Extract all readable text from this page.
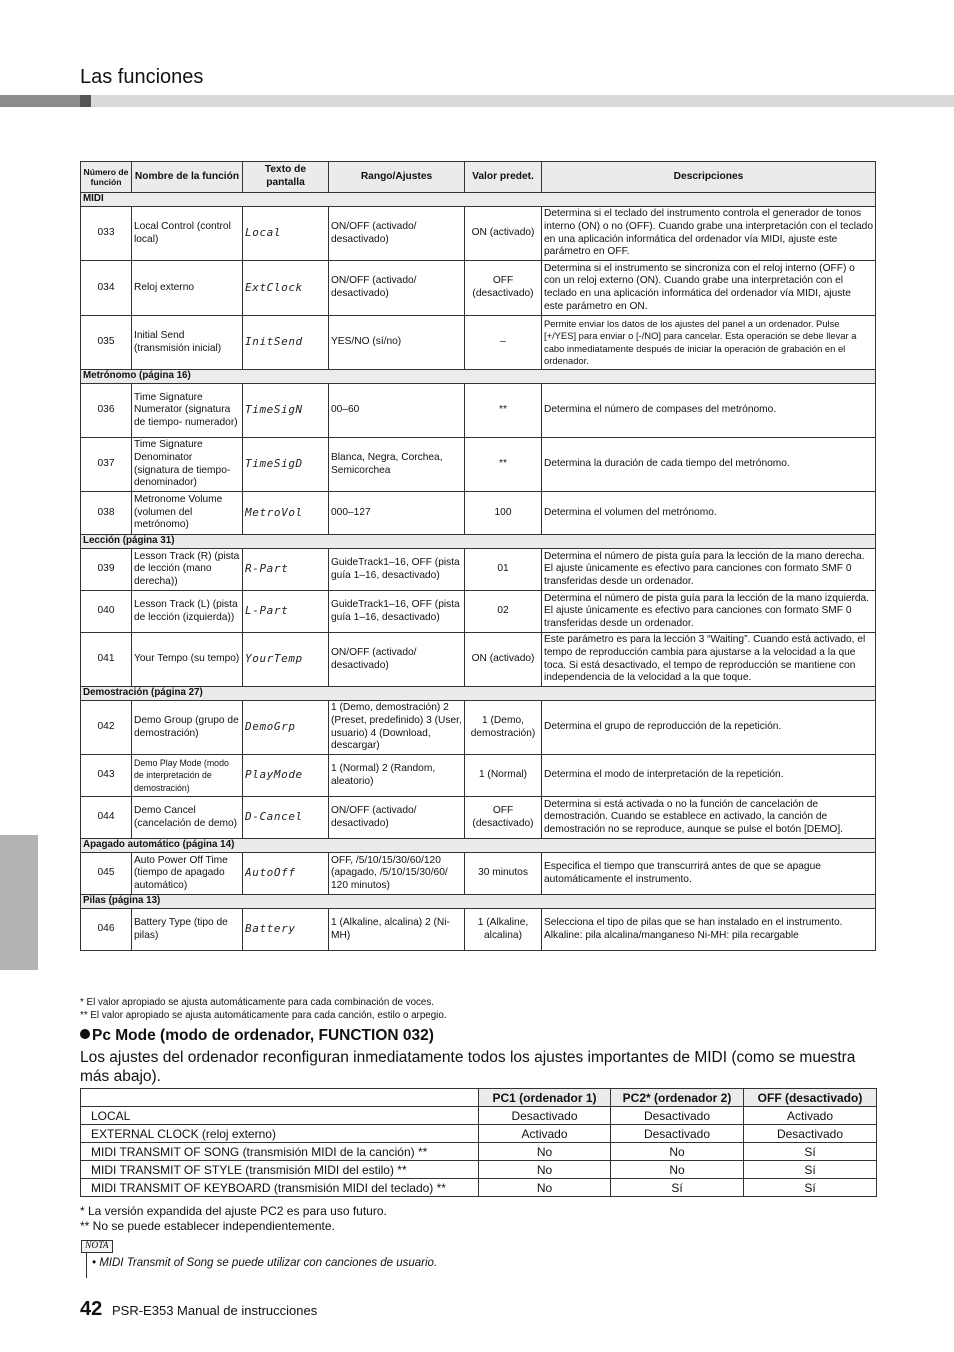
Las funciones
Número de función	Nombre de la función	Texto de pantalla	Rango/Ajustes	Valor predet.	Descripciones
MIDI					
033	Local Control (control local)	Local	ON/OFF (activado/ desactivado)	ON (activado)	Determina si el teclado del instrumento controla el generador de tonos interno (ON) o no (OFF). Cuando grabe una interpretación con el teclado en una aplicación informática del ordenador vía MIDI, ajuste este parámetro en OFF.
034	Reloj externo	ExtClock	ON/OFF (activado/ desactivado)	OFF (desactivado)	Determina si el instrumento se sincroniza con el reloj interno (OFF) o con un reloj externo (ON). Cuando grabe una interpretación con el teclado en una aplicación informática del ordenador vía MIDI, ajuste este parámetro en ON.
035	Initial Send (transmisión inicial)	InitSend	YES/NO (sí/no)	–	Permite enviar los datos de los ajustes del panel a un ordenador. Pulse [+/YES] para enviar o [-/NO] para cancelar. Esta operación se debe llevar a cabo inmediatamente después de iniciar la operación de grabación en el ordenador.
Metrónomo (página 16)					
036	Time Signature Numerator (signatura de tiempo- numerador)	TimeSigN	00–60	**	Determina el número de compases del metrónomo.
037	Time Signature Denominator (signatura de tiempo- denominador)	TimeSigD	Blanca, Negra, Corchea, Semicorchea	**	Determina la duración de cada tiempo del metrónomo.
038	Metronome Volume (volumen del metrónomo)	MetroVol	000–127	100	Determina el volumen del metrónomo.
Lección (página 31)					
039	Lesson Track (R) (pista de lección (mano derecha))	R-Part	GuideTrack1–16, OFF (pista guía 1–16, desactivado)	01	Determina el número de pista guía para la lección de la mano derecha. El ajuste únicamente es efectivo para canciones con formato SMF 0 transferidas desde un ordenador.
040	Lesson Track (L) (pista de lección (izquierda))	L-Part	GuideTrack1–16, OFF (pista guía 1–16, desactivado)	02	Determina el número de pista guía para la lección de la mano izquierda. El ajuste únicamente es efectivo para canciones con formato SMF 0 transferidas desde un ordenador.
041	Your Tempo (su tempo)	YourTemp	ON/OFF (activado/ desactivado)	ON (activado)	Este parámetro es para la lección 3 “Waiting”. Cuando está activado, el tempo de reproducción cambia para ajustarse a la velocidad a la que toca. Si está desactivado, el tempo de reproducción se mantiene con independencia de la velocidad a la que toque.
Demostración (página 27)					
042	Demo Group (grupo de demostración)	DemoGrp	1 (Demo, demostración) 2 (Preset, predefinido) 3 (User, usuario) 4 (Download, descargar)	1 (Demo, demostración)	Determina el grupo de reproducción de la repetición.
043	Demo Play Mode (modo de interpretación de demostración)	PlayMode	1 (Normal) 2 (Random, aleatorio)	1 (Normal)	Determina el modo de interpretación de la repetición.
044	Demo Cancel (cancelación de demo)	D-Cancel	ON/OFF (activado/ desactivado)	OFF (desactivado)	Determina si está activada o no la función de cancelación de demostración. Cuando se establece en activado, la canción de demostración no se reproduce, aunque se pulse el botón [DEMO].
Apagado automático (página 14)					
045	Auto Power Off Time (tiempo de apagado automático)	AutoOff	OFF, /5/10/15/30/60/120 (apagado, /5/10/15/30/60/ 120 minutos)	30 minutos	Especifica el tiempo que transcurrirá antes de que se apague automáticamente el instrumento.
Pilas (página 13)					
046	Battery Type (tipo de pilas)	Battery	1 (Alkaline, alcalina) 2 (Ni-MH)	1 (Alkaline, alcalina)	Selecciona el tipo de pilas que se han instalado en el instrumento. Alkaline: pila alcalina/manganeso Ni-MH: pila recargable
* El valor apropiado se ajusta automáticamente para cada combinación de voces.
** El valor apropiado se ajusta automáticamente para cada canción, estilo o arpegio.
Pc Mode (modo de ordenador, FUNCTION 032)
Los ajustes del ordenador reconfiguran inmediatamente todos los ajustes importantes de MIDI (como se muestra más abajo).
	PC1 (ordenador 1)	PC2* (ordenador 2)	OFF (desactivado)
LOCAL	Desactivado	Desactivado	Activado
EXTERNAL CLOCK (reloj externo)	Activado	Desactivado	Desactivado
MIDI TRANSMIT OF SONG (transmisión MIDI de la canción) **	No	No	Sí
MIDI TRANSMIT OF STYLE (transmisión MIDI del estilo) **	No	No	Sí
MIDI TRANSMIT OF KEYBOARD (transmisión MIDI del teclado) **	No	Sí	Sí
* La versión expandida del ajuste PC2 es para uso futuro.
** No se puede establecer independientemente.
NOTA
• MIDI Transmit of Song se puede utilizar con canciones de usuario.
42 PSR-E353 Manual de instrucciones
